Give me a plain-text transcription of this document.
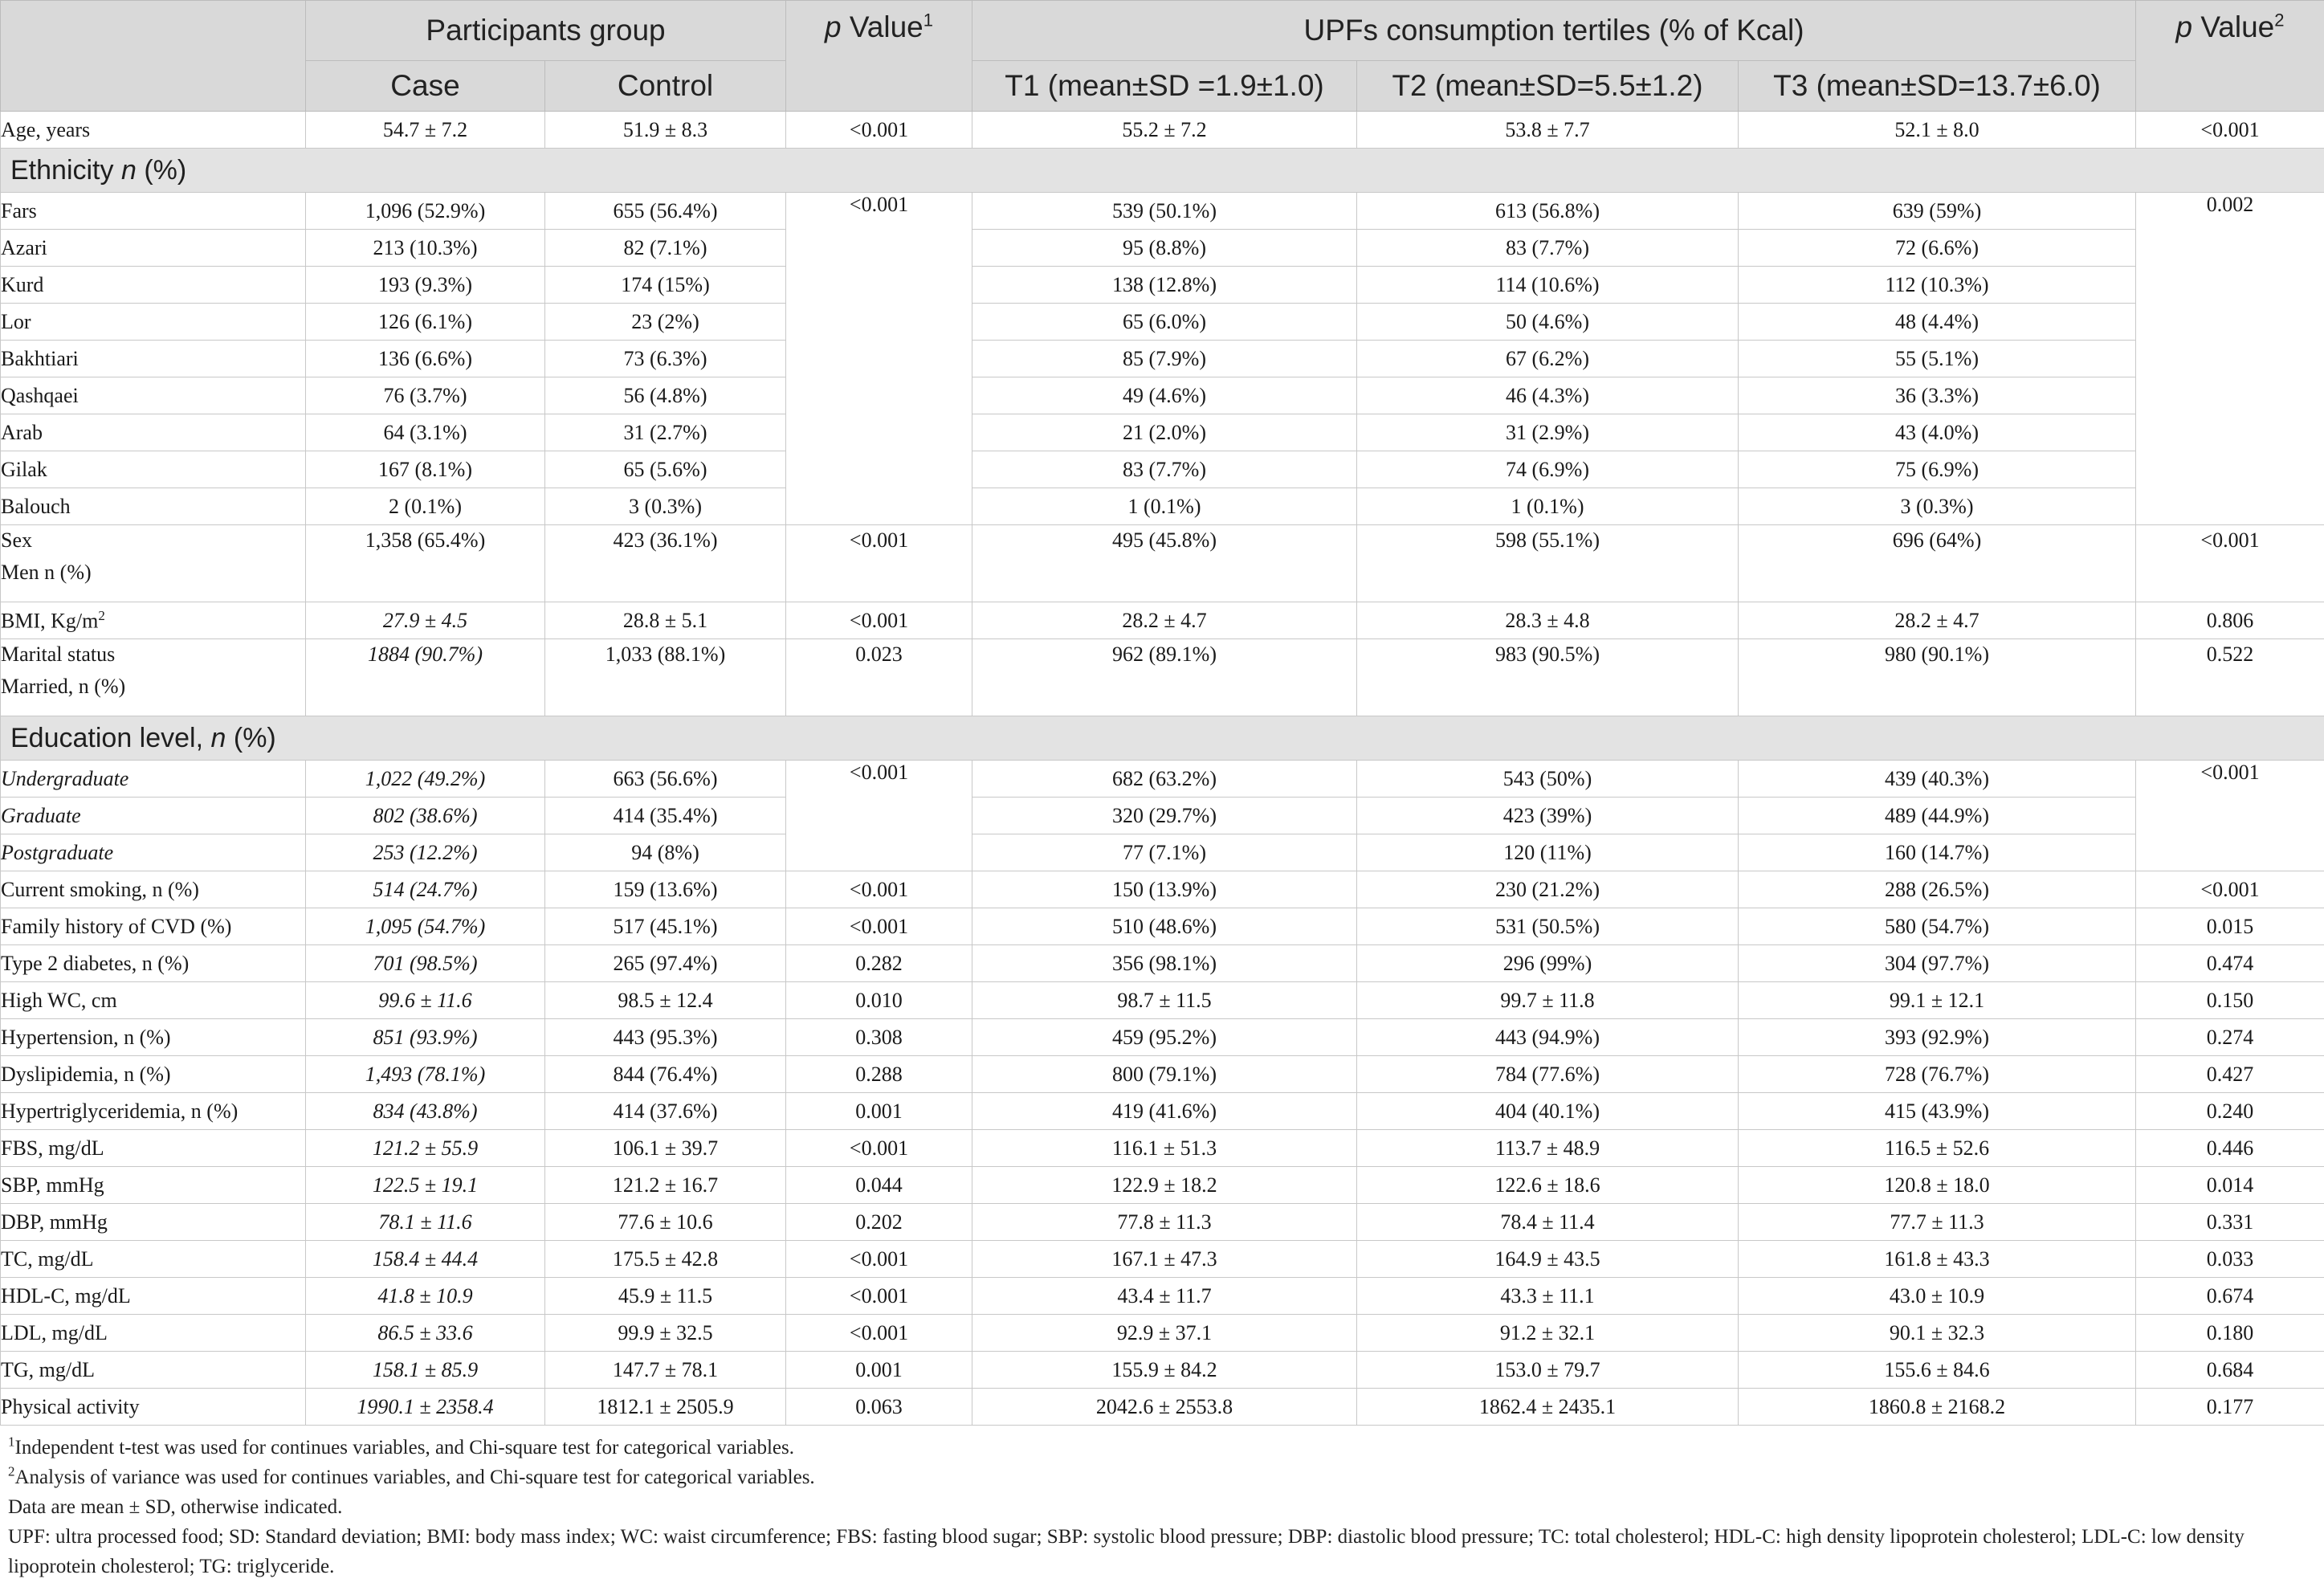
	Participants group		p Value$^1$	UPFs consumption tertiles (% of Kcal)			p Value$^2$
	Case	Control		T1 (mean±SD =1.9±1.0)	T2 (mean±SD=5.5±1.2)	T3 (mean±SD=13.7±6.0)	
Age, years	54.7 ± 7.2	51.9 ± 8.3	<0.001	55.2 ± 7.2	53.8 ± 7.7	52.1 ± 8.0	<0.001
Ethnicity n (%)							
Fars	1,096 (52.9%)	655 (56.4%)	<0.001	539 (50.1%)	613 (56.8%)	639 (59%)	0.002
Azari	213 (10.3%)	82 (7.1%)		95 (8.8%)	83 (7.7%)	72 (6.6%)	
Kurd	193 (9.3%)	174 (15%)		138 (12.8%)	114 (10.6%)	112 (10.3%)	
Lor	126 (6.1%)	23 (2%)		65 (6.0%)	50 (4.6%)	48 (4.4%)	
Bakhtiari	136 (6.6%)	73 (6.3%)		85 (7.9%)	67 (6.2%)	55 (5.1%)	
Qashqaei	76 (3.7%)	56 (4.8%)		49 (4.6%)	46 (4.3%)	36 (3.3%)	
Arab	64 (3.1%)	31 (2.7%)		21 (2.0%)	31 (2.9%)	43 (4.0%)	
Gilak	167 (8.1%)	65 (5.6%)		83 (7.7%)	74 (6.9%)	75 (6.9%)	
Balouch	2 (0.1%)	3 (0.3%)		1 (0.1%)	1 (0.1%)	3 (0.3%)	
Sex
Men n (%)	1,358 (65.4%)	423 (36.1%)	<0.001	495 (45.8%)	598 (55.1%)	696 (64%)	<0.001
BMI, $Kg/m^2$	27.9 ± 4.5	28.8 ± 5.1	<0.001	28.2 ± 4.7	28.3 ± 4.8	28.2 ± 4.7	0.806
Marital status
Married, n (%)	1884 (90.7%)	1,033 (88.1%)	0.023	962 (89.1%)	983 (90.5%)	980 (90.1%)	0.522
Education level, n (%)							
Undergraduate	1,022 (49.2%)	663 (56.6%)	<0.001	682 (63.2%)	543 (50%)	439 (40.3%)	<0.001
Graduate	802 (38.6%)	414 (35.4%)		320 (29.7%)	423 (39%)	489 (44.9%)	
Postgraduate	253 (12.2%)	94 (8%)		77 (7.1%)	120 (11%)	160 (14.7%)	
Current smoking, n (%)	514 (24.7%)	159 (13.6%)	<0.001	150 (13.9%)	230 (21.2%)	288 (26.5%)	<0.001
Family history of CVD (%)	1,095 (54.7%)	517 (45.1%)	<0.001	510 (48.6%)	531 (50.5%)	580 (54.7%)	0.015
Type 2 diabetes, n (%)	701 (98.5%)	265 (97.4%)	0.282	356 (98.1%)	296 (99%)	304 (97.7%)	0.474
High WC, cm	99.6 ± 11.6	98.5 ± 12.4	0.010	98.7 ± 11.5	99.7 ± 11.8	99.1 ± 12.1	0.150
Hypertension, n (%)	851 (93.9%)	443 (95.3%)	0.308	459 (95.2%)	443 (94.9%)	393 (92.9%)	0.274
Dyslipidemia, n (%)	1,493 (78.1%)	844 (76.4%)	0.288	800 (79.1%)	784 (77.6%)	728 (76.7%)	0.427
Hypertriglyceridemia, n (%)	834 (43.8%)	414 (37.6%)	0.001	419 (41.6%)	404 (40.1%)	415 (43.9%)	0.240
FBS, mg/dL	121.2 ± 55.9	106.1 ± 39.7	<0.001	116.1 ± 51.3	113.7 ± 48.9	116.5 ± 52.6	0.446
SBP, mmHg	122.5 ± 19.1	121.2 ± 16.7	0.044	122.9 ± 18.2	122.6 ± 18.6	120.8 ± 18.0	0.014
DBP, mmHg	78.1 ± 11.6	77.6 ± 10.6	0.202	77.8 ± 11.3	78.4 ± 11.4	77.7 ± 11.3	0.331
TC, mg/dL	158.4 ± 44.4	175.5 ± 42.8	<0.001	167.1 ± 47.3	164.9 ± 43.5	161.8 ± 43.3	0.033
HDL-C, mg/dL	41.8 ± 10.9	45.9 ± 11.5	<0.001	43.4 ± 11.7	43.3 ± 11.1	43.0 ± 10.9	0.674
LDL, mg/dL	86.5 ± 33.6	99.9 ± 32.5	<0.001	92.9 ± 37.1	91.2 ± 32.1	90.1 ± 32.3	0.180
TG, mg/dL	158.1 ± 85.9	147.7 ± 78.1	0.001	155.9 ± 84.2	153.0 ± 79.7	155.6 ± 84.6	0.684
Physical activity	1990.1 ± 2358.4	1812.1 ± 2505.9	0.063	2042.6 ± 2553.8	1862.4 ± 2435.1	1860.8 ± 2168.2	0.177
$^1$Independent t-test was used for continues variables, and Chi-square test for categorical variables.
$^2$Analysis of variance was used for continues variables, and Chi-square test for categorical variables.
Data are mean ± SD, otherwise indicated.
UPF: ultra processed food; SD: Standard deviation; BMI: body mass index; WC: waist circumference; FBS: fasting blood sugar; SBP: systolic blood pressure; DBP: diastolic blood pressure; TC: total cholesterol; HDL-C: high density lipoprotein cholesterol; LDL-C: low density lipoprotein cholesterol; TG: triglyceride.
